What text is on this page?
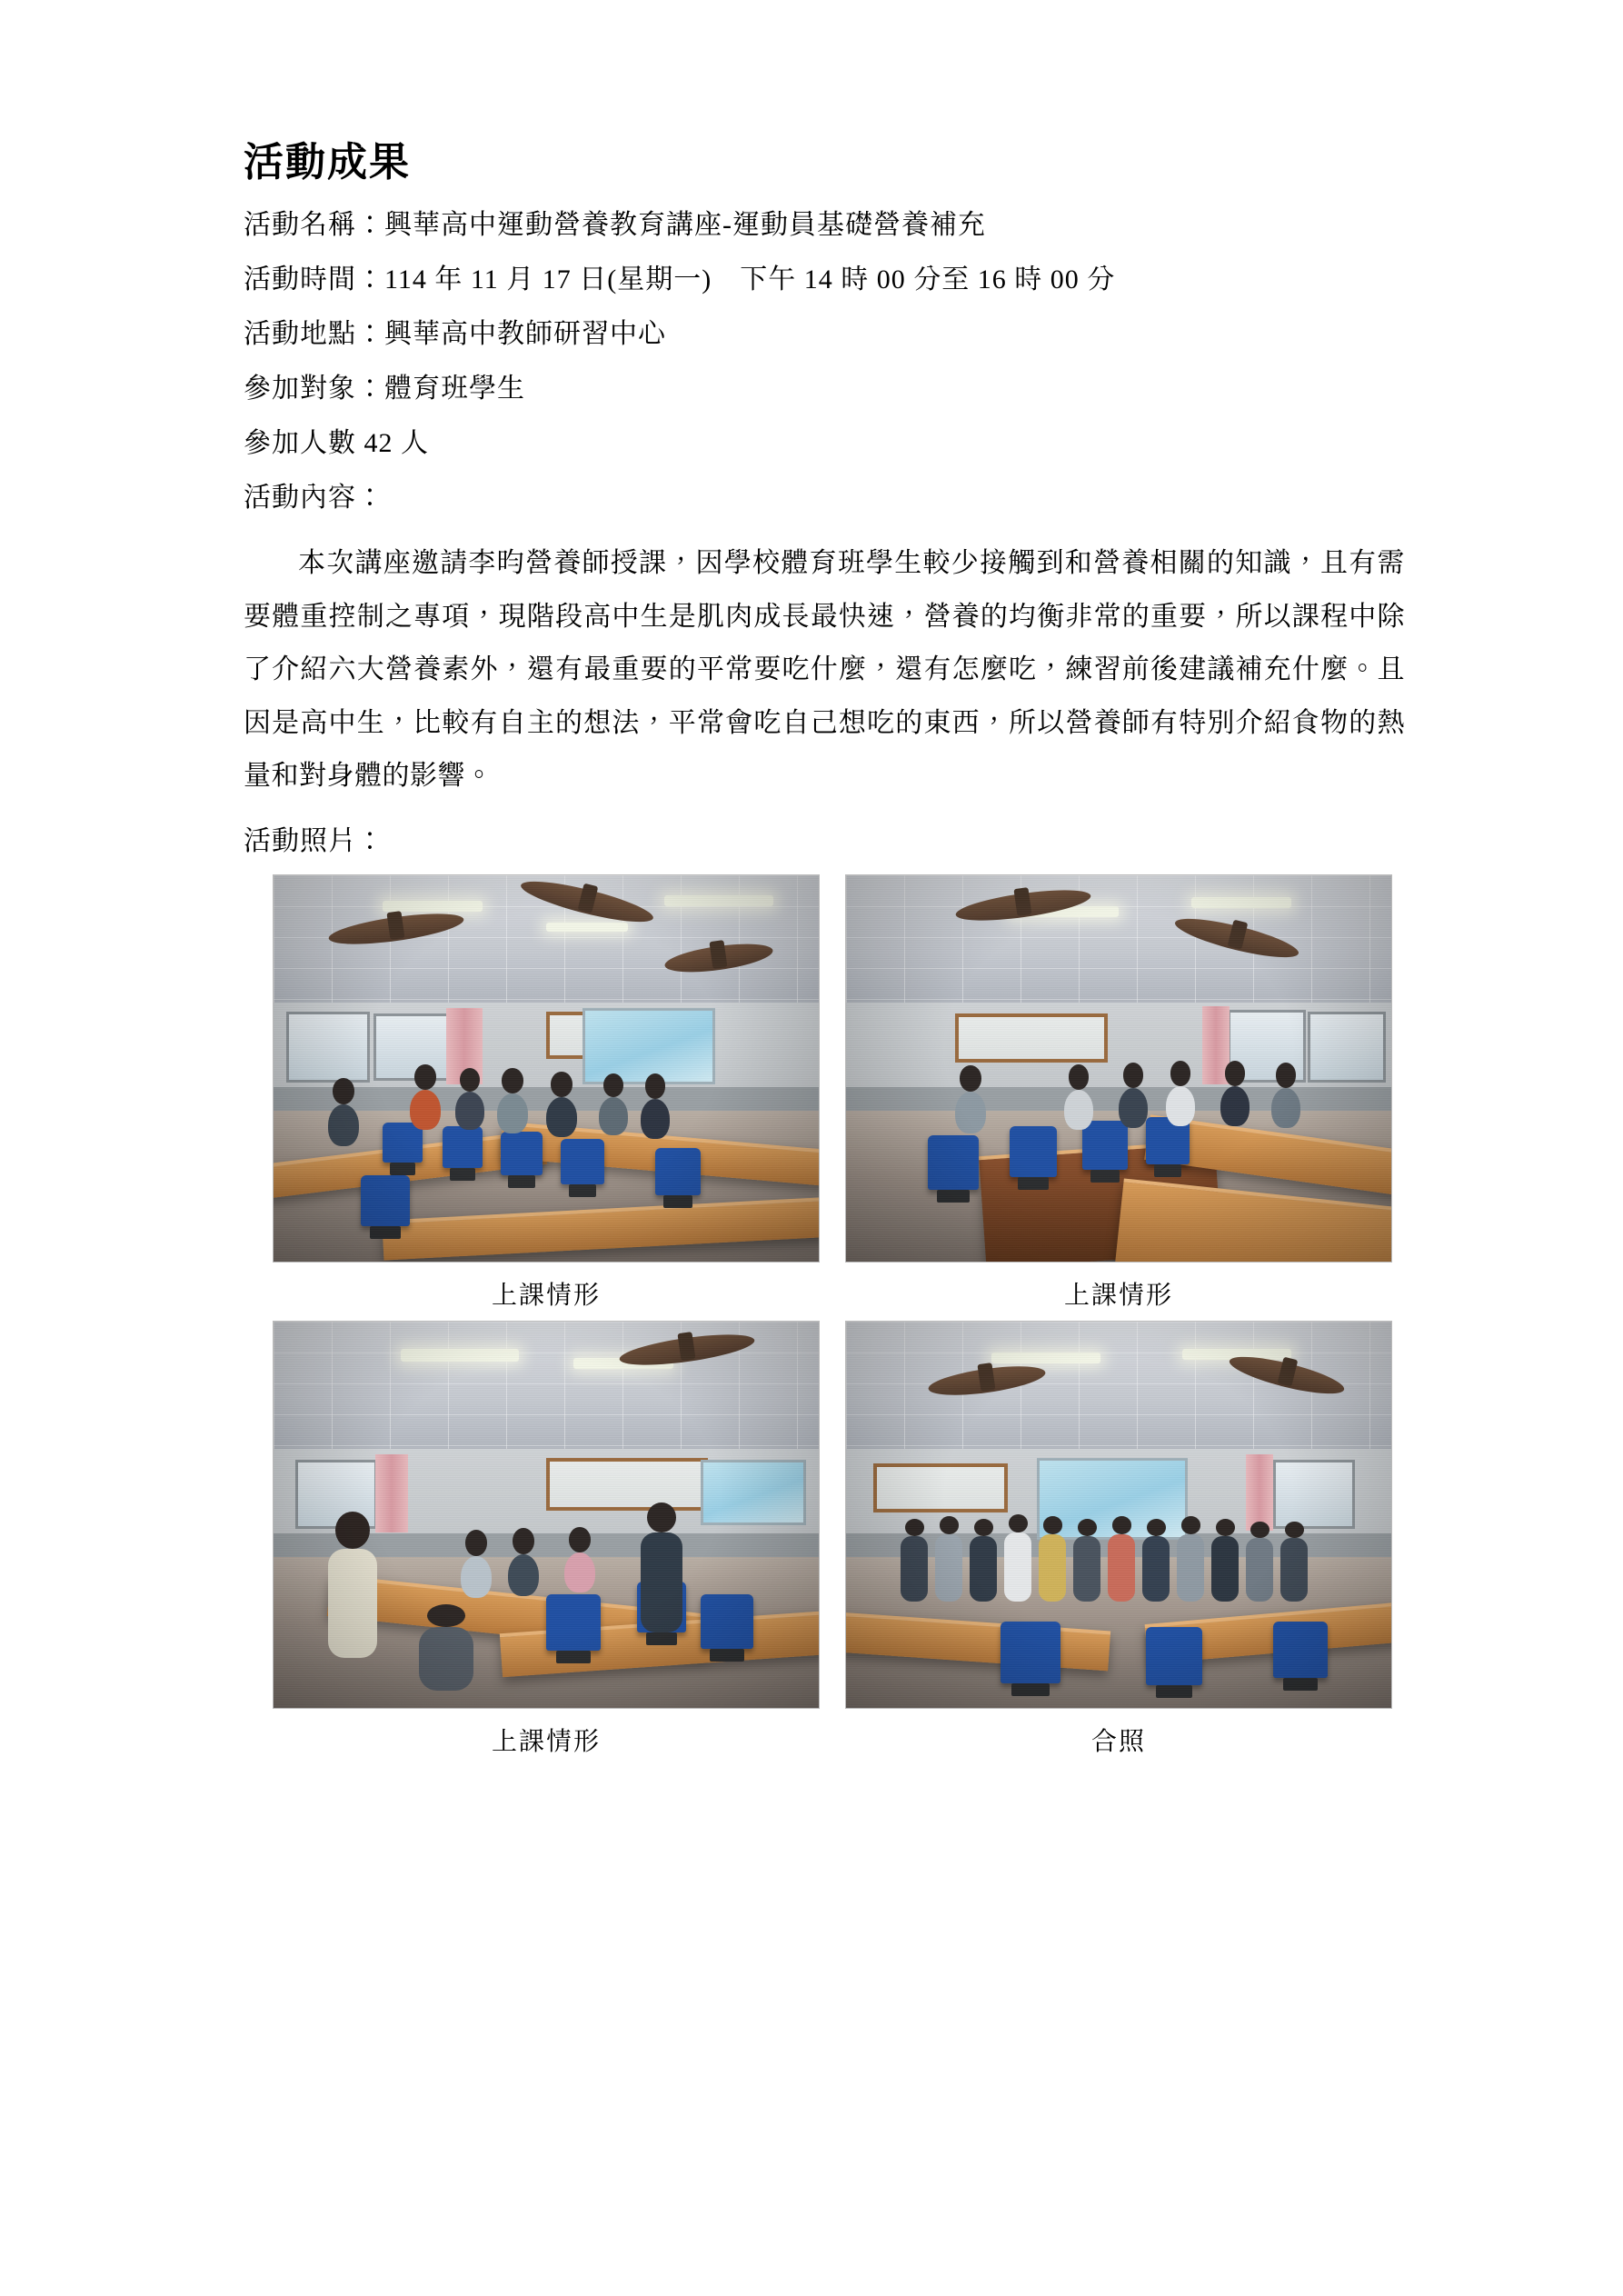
活動成果

活動名稱：興華高中運動營養教育講座-運動員基礎營養補充

活動時間：114 年 11 月 17 日(星期一)　下午 14 時 00 分至 16 時 00 分

活動地點：興華高中教師研習中心

參加對象：體育班學生

參加人數 42 人

活動內容：

本次講座邀請李昀營養師授課，因學校體育班學生較少接觸到和營養相關的知識，且有需要體重控制之專項，現階段高中生是肌肉成長最快速，營養的均衡非常的重要，所以課程中除了介紹六大營養素外，還有最重要的平常要吃什麼，還有怎麼吃，練習前後建議補充什麼。且因是高中生，比較有自主的想法，平常會吃自己想吃的東西，所以營養師有特別介紹食物的熱量和對身體的影響。

活動照片：

上課情形	上課情形
上課情形	合照
